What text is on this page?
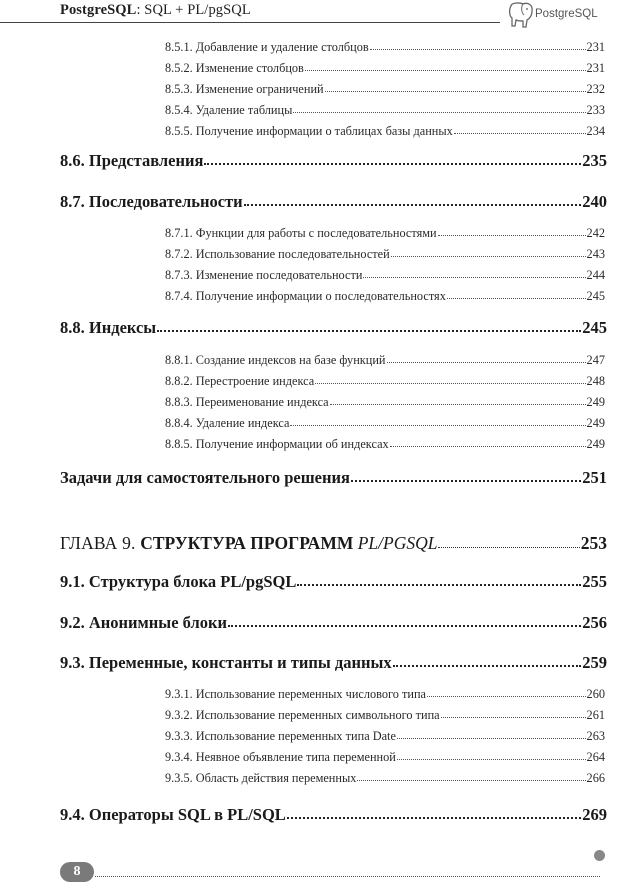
PostgreSQL: SQL + PL/pgSQL	PostgreSQL
8.5.1. Добавление и удаление столбцов	231
8.5.2. Изменение столбцов	231
8.5.3. Изменение ограничений	232
8.5.4. Удаление таблицы	233
8.5.5. Получение информации о таблицах базы данных	234
8.6. Представления	235
8.7. Последовательности	240
8.7.1. Функции для работы с последовательностями	242
8.7.2. Использование последовательностей	243
8.7.3. Изменение последовательности	244
8.7.4. Получение информации о последовательностях	245
8.8. Индексы	245
8.8.1. Создание индексов на базе функций	247
8.8.2. Перестроение индекса	248
8.8.3. Переименование индекса	249
8.8.4. Удаление индекса	249
8.8.5. Получение информации об индексах	249
Задачи для самостоятельного решения	251
ГЛАВА 9. СТРУКТУРА ПРОГРАММ PL/PGSQL	253
9.1. Структура блока PL/pgSQL	255
9.2. Анонимные блоки	256
9.3. Переменные, константы и типы данных	259
9.3.1. Использование переменных числового типа	260
9.3.2. Использование переменных символьного типа	261
9.3.3. Использование переменных типа Date	263
9.3.4. Неявное объявление типа переменной	264
9.3.5. Область действия переменных	266
9.4. Операторы SQL в PL/SQL	269
8
